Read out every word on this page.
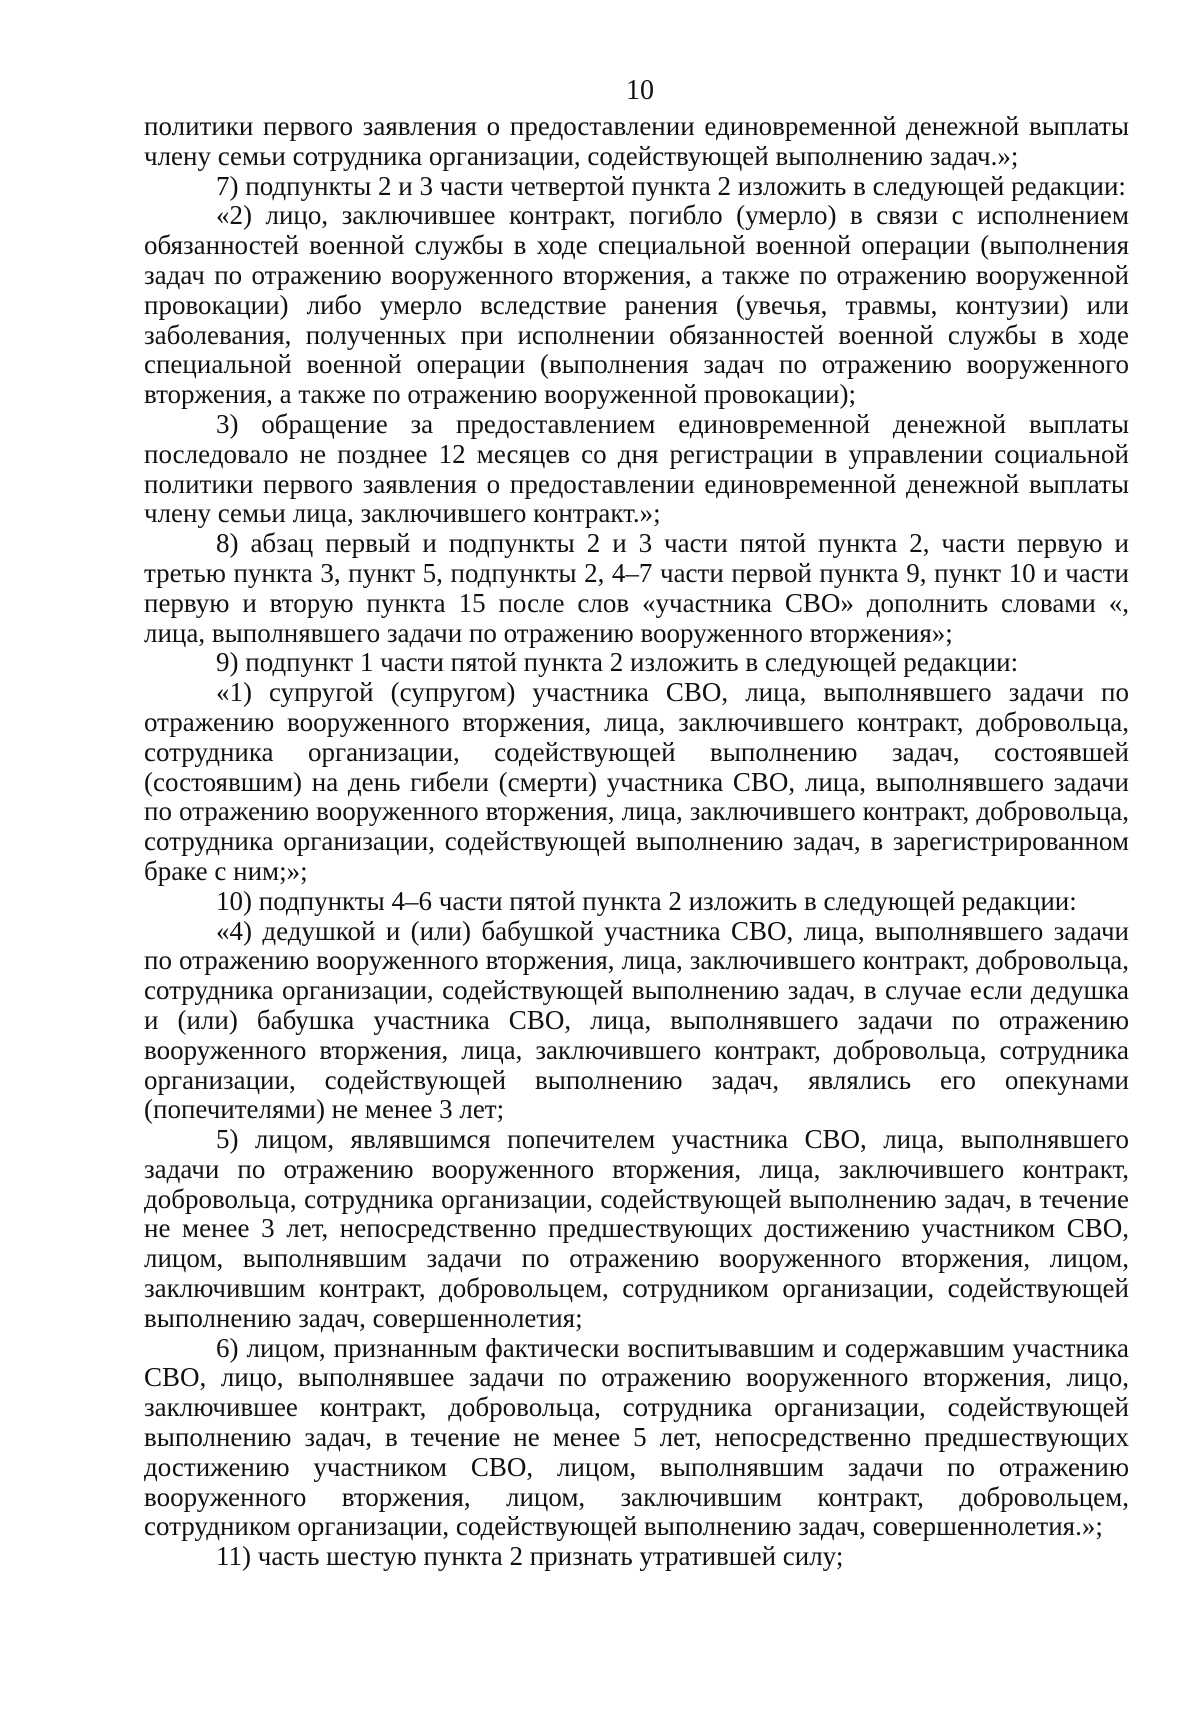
10

политики первого заявления о предоставлении единовременной денежной выплаты члену семьи сотрудника организации, содействующей выполнению задач.»;

7) подпункты 2 и 3 части четвертой пункта 2 изложить в следующей редакции:

«2) лицо, заключившее контракт, погибло (умерло) в связи с исполнением обязанностей военной службы в ходе специальной военной операции (выполнения задач по отражению вооруженного вторжения, а также по отражению вооруженной провокации) либо умерло вследствие ранения (увечья, травмы, контузии) или заболевания, полученных при исполнении обязанностей военной службы в ходе специальной военной операции (выполнения задач по отражению вооруженного вторжения, а также по отражению вооруженной провокации);

3) обращение за предоставлением единовременной денежной выплаты последовало не позднее 12 месяцев со дня регистрации в управлении социальной политики первого заявления о предоставлении единовременной денежной выплаты члену семьи лица, заключившего контракт.»;

8) абзац первый и подпункты 2 и 3 части пятой пункта 2, части первую и третью пункта 3, пункт 5, подпункты 2, 4–7 части первой пункта 9, пункт 10 и части первую и вторую пункта 15 после слов «участника СВО» дополнить словами «, лица, выполнявшего задачи по отражению вооруженного вторжения»;

9) подпункт 1 части пятой пункта 2 изложить в следующей редакции:

«1) супругой (супругом) участника СВО, лица, выполнявшего задачи по отражению вооруженного вторжения, лица, заключившего контракт, добровольца, сотрудника организации, содействующей выполнению задач, состоявшей (состоявшим) на день гибели (смерти) участника СВО, лица, выполнявшего задачи по отражению вооруженного вторжения, лица, заключившего контракт, добровольца, сотрудника организации, содействующей выполнению задач, в зарегистрированном браке с ним;»;

10) подпункты 4–6 части пятой пункта 2 изложить в следующей редакции:

«4) дедушкой и (или) бабушкой участника СВО, лица, выполнявшего задачи по отражению вооруженного вторжения, лица, заключившего контракт, добровольца, сотрудника организации, содействующей выполнению задач, в случае если дедушка и (или) бабушка участника СВО, лица, выполнявшего задачи по отражению вооруженного вторжения, лица, заключившего контракт, добровольца, сотрудника организации, содействующей выполнению задач, являлись его опекунами (попечителями) не менее 3 лет;

5) лицом, являвшимся попечителем участника СВО, лица, выполнявшего задачи по отражению вооруженного вторжения, лица, заключившего контракт, добровольца, сотрудника организации, содействующей выполнению задач, в течение не менее 3 лет, непосредственно предшествующих достижению участником СВО, лицом, выполнявшим задачи по отражению вооруженного вторжения, лицом, заключившим контракт, добровольцем, сотрудником организации, содействующей выполнению задач, совершеннолетия;

6) лицом, признанным фактически воспитывавшим и содержавшим участника СВО, лицо, выполнявшее задачи по отражению вооруженного вторжения, лицо, заключившее контракт, добровольца, сотрудника организации, содействующей выполнению задач, в течение не менее 5 лет, непосредственно предшествующих достижению участником СВО, лицом, выполнявшим задачи по отражению вооруженного вторжения, лицом, заключившим контракт, добровольцем, сотрудником организации, содействующей выполнению задач, совершеннолетия.»;

11) часть шестую пункта 2 признать утратившей силу;
